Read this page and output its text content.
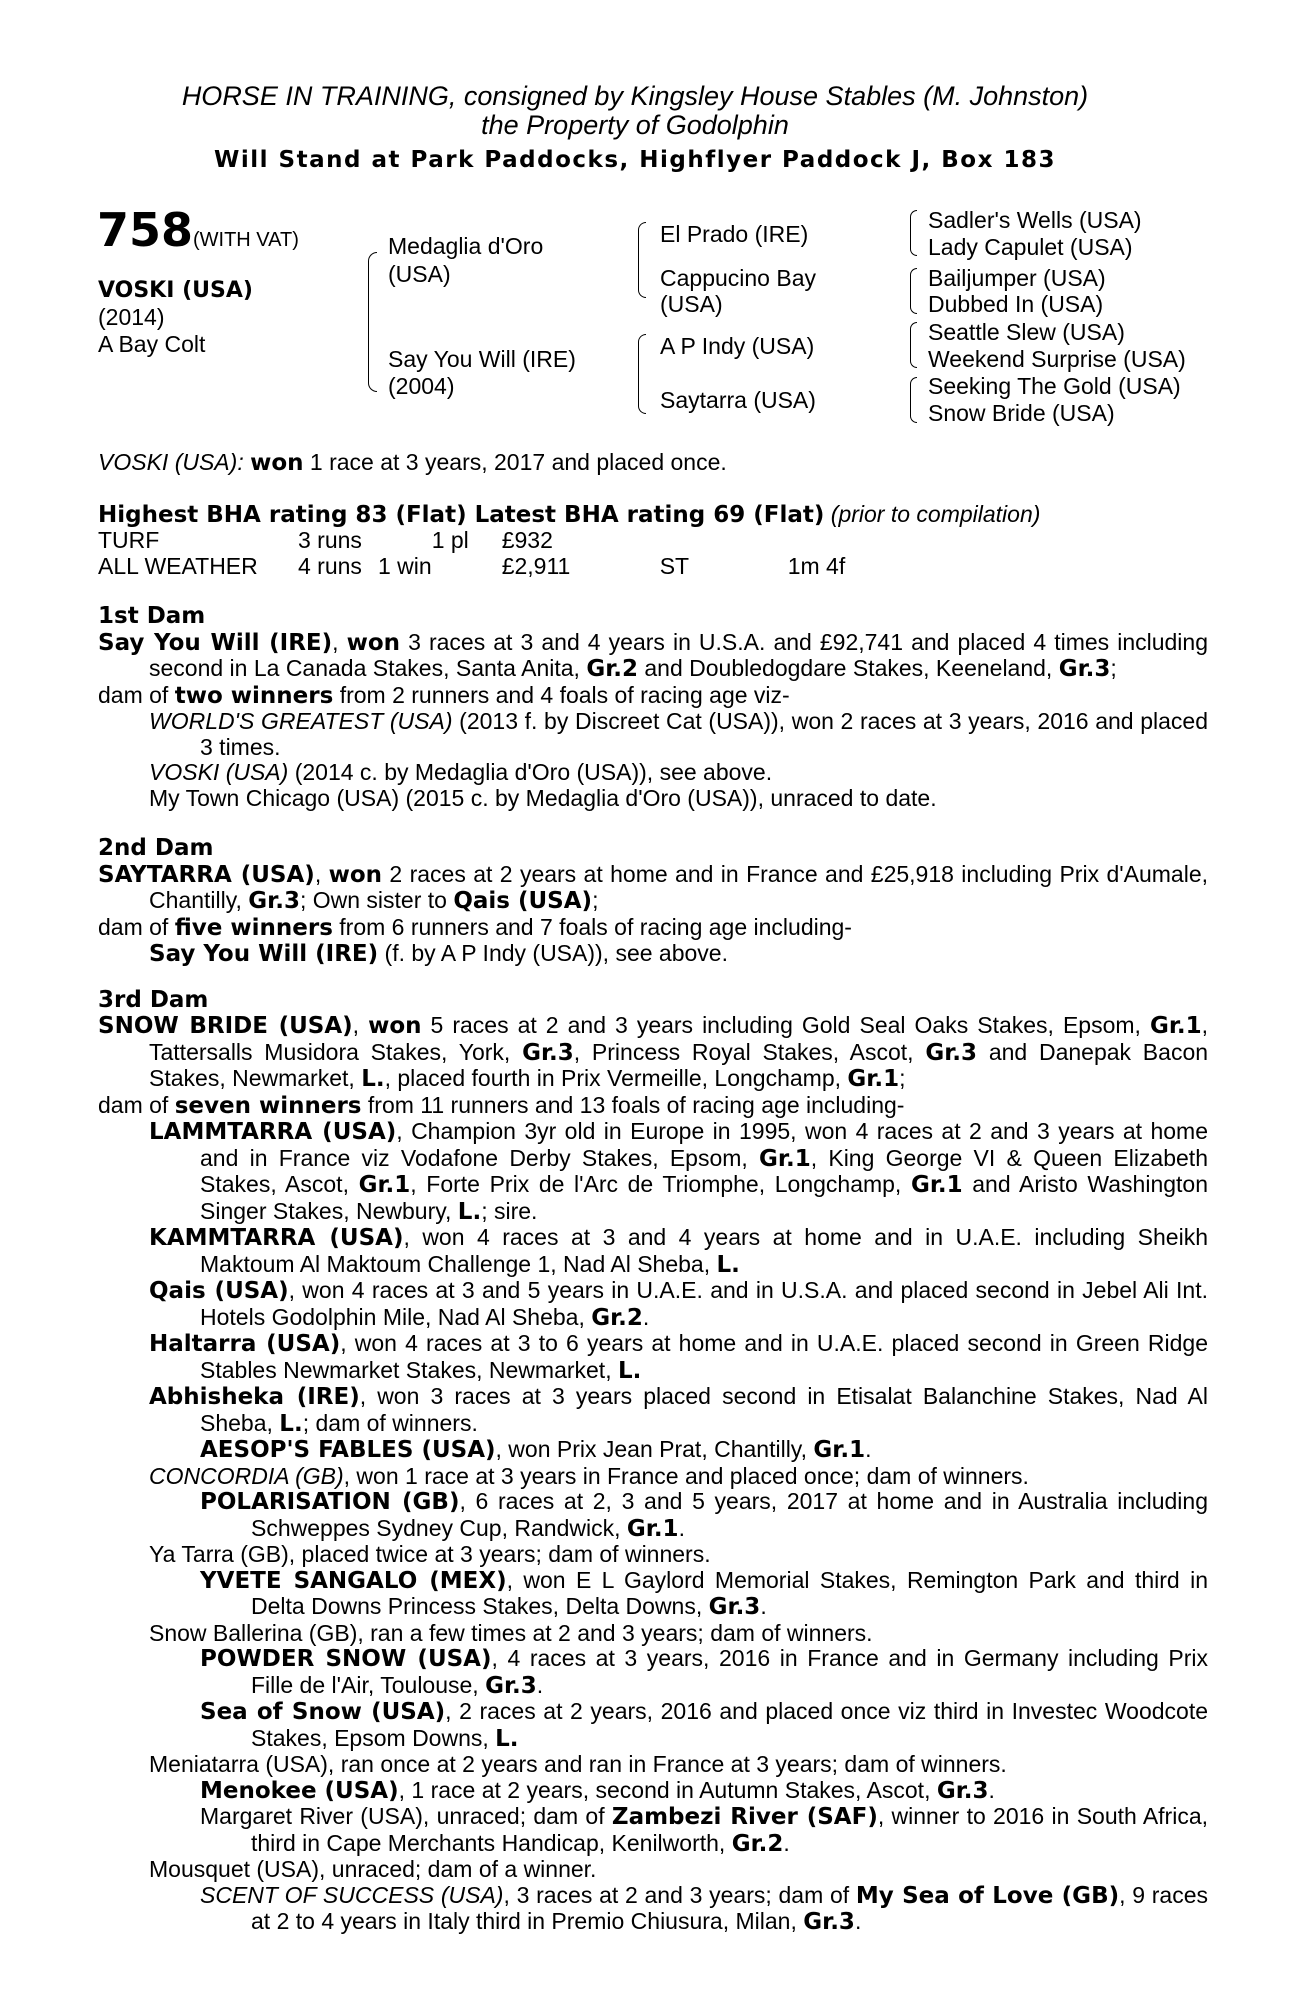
HORSE IN TRAINING, consigned by Kingsley House Stables (M. Johnston)
the Property of Godolphin
Will Stand at Park Paddocks, Highflyer Paddock J, Box 183
758 (WITH VAT)
VOSKI (USA)
(2014)
A Bay Colt
Medaglia d'Oro
(USA)
Say You Will (IRE)
(2004)
El Prado (IRE)
Cappucino Bay
(USA)
A P Indy (USA)
Saytarra (USA)
Sadler's Wells (USA)
Lady Capulet (USA)
Bailjumper (USA)
Dubbed In (USA)
Seattle Slew (USA)
Weekend Surprise (USA)
Seeking The Gold (USA)
Snow Bride (USA)

VOSKI (USA): won 1 race at 3 years, 2017 and placed once.

Highest BHA rating 83 (Flat) Latest BHA rating 69 (Flat) (prior to compilation)

TURF	3 runs		1 pl	£932		
ALL WEATHER	4 runs	1 win		£2,911	ST	1m 4f

1st Dam

Say You Will (IRE), won 3 races at 3 and 4 years in U.S.A. and £92,741 and placed 4 times including second in La Canada Stakes, Santa Anita, Gr.2 and Doubledogdare Stakes, Keeneland, Gr.3;

dam of two winners from 2 runners and 4 foals of racing age viz-

WORLD'S GREATEST (USA) (2013 f. by Discreet Cat (USA)), won 2 races at 3 years, 2016 and placed 3 times.

VOSKI (USA) (2014 c. by Medaglia d'Oro (USA)), see above.

My Town Chicago (USA) (2015 c. by Medaglia d'Oro (USA)), unraced to date.

2nd Dam

SAYTARRA (USA), won 2 races at 2 years at home and in France and £25,918 including Prix d'Aumale, Chantilly, Gr.3; Own sister to Qais (USA);

dam of five winners from 6 runners and 7 foals of racing age including-

Say You Will (IRE) (f. by A P Indy (USA)), see above.

3rd Dam

SNOW BRIDE (USA), won 5 races at 2 and 3 years including Gold Seal Oaks Stakes, Epsom, Gr.1, Tattersalls Musidora Stakes, York, Gr.3, Princess Royal Stakes, Ascot, Gr.3 and Danepak Bacon Stakes, Newmarket, L., placed fourth in Prix Vermeille, Longchamp, Gr.1;

dam of seven winners from 11 runners and 13 foals of racing age including-

LAMMTARRA (USA), Champion 3yr old in Europe in 1995, won 4 races at 2 and 3 years at home and in France viz Vodafone Derby Stakes, Epsom, Gr.1, King George VI & Queen Elizabeth Stakes, Ascot, Gr.1, Forte Prix de l'Arc de Triomphe, Longchamp, Gr.1 and Aristo Washington Singer Stakes, Newbury, L.; sire.

KAMMTARRA (USA), won 4 races at 3 and 4 years at home and in U.A.E. including Sheikh Maktoum Al Maktoum Challenge 1, Nad Al Sheba, L.

Qais (USA), won 4 races at 3 and 5 years in U.A.E. and in U.S.A. and placed second in Jebel Ali Int. Hotels Godolphin Mile, Nad Al Sheba, Gr.2.

Haltarra (USA), won 4 races at 3 to 6 years at home and in U.A.E. placed second in Green Ridge Stables Newmarket Stakes, Newmarket, L.

Abhisheka (IRE), won 3 races at 3 years placed second in Etisalat Balanchine Stakes, Nad Al Sheba, L.; dam of winners.

AESOP'S FABLES (USA), won Prix Jean Prat, Chantilly, Gr.1.

CONCORDIA (GB), won 1 race at 3 years in France and placed once; dam of winners.

POLARISATION (GB), 6 races at 2, 3 and 5 years, 2017 at home and in Australia including Schweppes Sydney Cup, Randwick, Gr.1.

Ya Tarra (GB), placed twice at 3 years; dam of winners.

YVETE SANGALO (MEX), won E L Gaylord Memorial Stakes, Remington Park and third in Delta Downs Princess Stakes, Delta Downs, Gr.3.

Snow Ballerina (GB), ran a few times at 2 and 3 years; dam of winners.

POWDER SNOW (USA), 4 races at 3 years, 2016 in France and in Germany including Prix Fille de l'Air, Toulouse, Gr.3.

Sea of Snow (USA), 2 races at 2 years, 2016 and placed once viz third in Investec Woodcote Stakes, Epsom Downs, L.

Meniatarra (USA), ran once at 2 years and ran in France at 3 years; dam of winners.

Menokee (USA), 1 race at 2 years, second in Autumn Stakes, Ascot, Gr.3.

Margaret River (USA), unraced; dam of Zambezi River (SAF), winner to 2016 in South Africa, third in Cape Merchants Handicap, Kenilworth, Gr.2.

Mousquet (USA), unraced; dam of a winner.

SCENT OF SUCCESS (USA), 3 races at 2 and 3 years; dam of My Sea of Love (GB), 9 races at 2 to 4 years in Italy third in Premio Chiusura, Milan, Gr.3.
